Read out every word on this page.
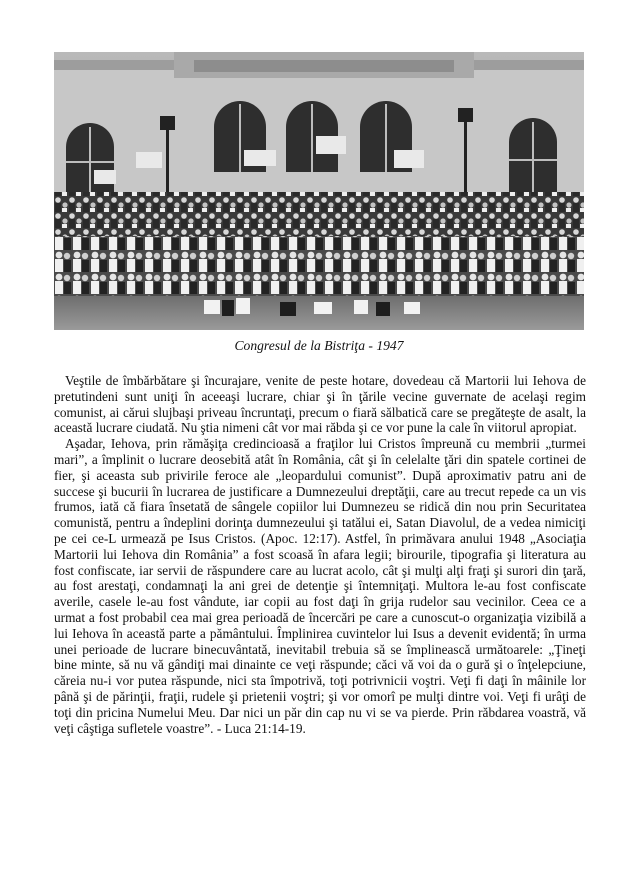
Congresul de la Bistriţa - 1947

Veştile de îmbărbătare şi încurajare, venite de peste hotare, dovedeau că Martorii lui Iehova de pretutindeni sunt uniţi în aceeaşi lucrare, chiar şi în ţările vecine guvernate de acelaşi regim comunist, ai cărui slujbaşi priveau încruntaţi, precum o fiară sălbatică care se pregăteşte de asalt, la această lucrare ciudată. Nu ştia nimeni cât vor mai răbda şi ce vor pune la cale în viitorul apropiat.

Aşadar, Iehova, prin rămăşiţa credincioasă a fraţilor lui Cristos împreună cu membrii „turmei mari”, a împlinit o lucrare deosebită atât în România, cât şi în celelalte ţări din spatele cortinei de fier, şi aceasta sub privirile feroce ale „leopardului comunist”. După aproximativ patru ani de succese şi bucurii în lucrarea de justificare a Dumnezeului dreptăţii, care au trecut repede ca un vis frumos, iată că fiara însetată de sângele copiilor lui Dumnezeu se ridică din nou prin Securitatea comunistă, pentru a îndeplini dorinţa dumnezeului şi tatălui ei, Satan Diavolul, de a vedea nimiciţi pe cei ce-L urmează pe Isus Cristos. (Apoc. 12:17). Astfel, în primăvara anului 1948 „Asociaţia Martorii lui Iehova din România” a fost scoasă în afara legii; birourile, tipografia şi literatura au fost confiscate, iar servii de răspundere care au lucrat acolo, cât şi mulţi alţi fraţi şi surori din ţară, au fost arestaţi, condamnaţi la ani grei de detenţie şi întemniţaţi. Multora le-au fost confiscate averile, casele le-au fost vândute, iar copii au fost daţi în grija rudelor sau vecinilor. Ceea ce a urmat a fost probabil cea mai grea perioadă de încercări pe care a cunoscut-o organizaţia vizibilă a lui Iehova în această parte a pământului. Împlinirea cuvintelor lui Isus a devenit evidentă; în urma unei perioade de lucrare binecuvântată, inevitabil trebuia să se împlinească următoarele: „Ţineţi bine minte, să nu vă gândiţi mai dinainte ce veţi răspunde; căci vă voi da o gură şi o înţelepciune, căreia nu-i vor putea răspunde, nici sta împotrivă, toţi potrivnicii voştri. Veţi fi daţi în mâinile lor până şi de părinţii, fraţii, rudele şi prietenii voştri; şi vor omorî pe mulţi dintre voi. Veţi fi urâţi de toţi din pricina Numelui Meu. Dar nici un păr din cap nu vi se va pierde. Prin răbdarea voastră, vă veţi câştiga sufletele voastre”. - Luca 21:14-19.
